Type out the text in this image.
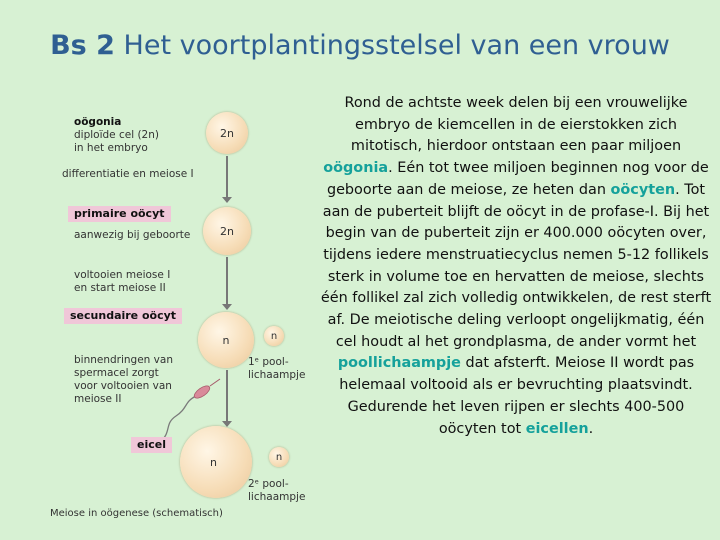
Bs 2 Het voortplantingsstelsel van een vrouw
oögonia
diploïde cel (2n)
in het embryo
2n
differentiatie en meiose I
primaire oöcyt
aanwezig bij geboorte	2n
voltooien meiose I
en start meiose II
secundaire oöcyt
n	n
1ᵉ pool-
lichaampje
binnendringen van
spermacel zorgt
voor voltooien van
meiose II
eicel
n	n
2ᵉ pool-
lichaampje
Meiose in oögenese (schematisch)
Rond de achtste week delen bij een vrouwelijke embryo de kiemcellen in de eierstokken zich mitotisch, hierdoor ontstaan een paar miljoen oögonia. Eén tot twee miljoen beginnen nog voor de geboorte aan de meiose, ze heten dan oöcyten. Tot aan de puberteit blijft de oöcyt in de profase-I. Bij het begin van de puberteit zijn er 400.000 oöcyten over, tijdens iedere menstruatiecyclus nemen 5-12 follikels sterk in volume toe en hervatten de meiose, slechts één follikel zal zich volledig ontwikkelen, de rest sterft af. De meiotische deling verloopt ongelijkmatig, één cel houdt al het grondplasma, de ander vormt het poollichaampje dat afsterft. Meiose II wordt pas helemaal voltooid als er bevruchting plaatsvindt. Gedurende het leven rijpen er slechts 400-500 oöcyten tot eicellen.
